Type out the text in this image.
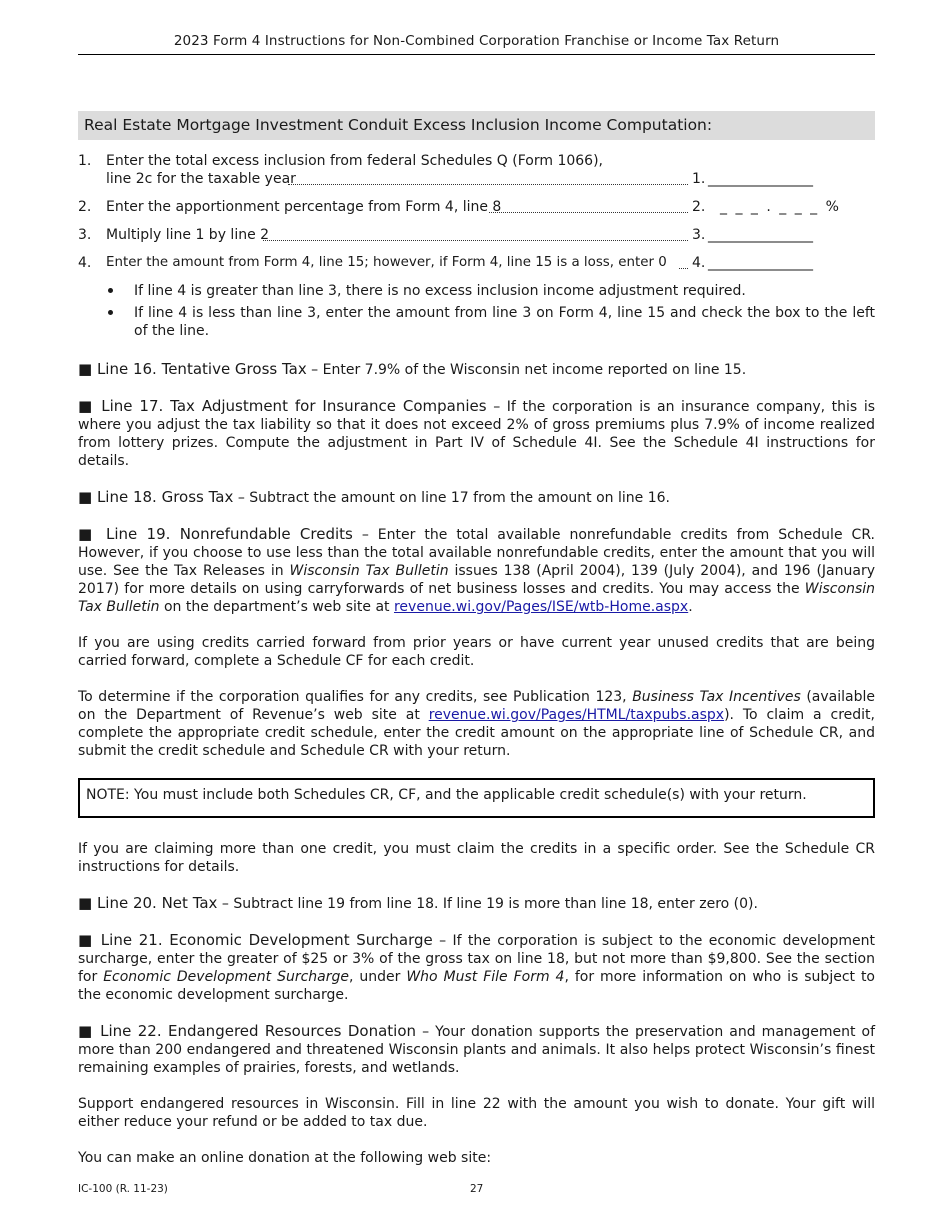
2023 Form 4 Instructions for Non-Combined Corporation Franchise or Income Tax Return
Real Estate Mortgage Investment Conduit Excess Inclusion Income Computation:
1. Enter the total excess inclusion from federal Schedules Q (Form 1066),
line 2c for the taxable year	1. _______________
2. Enter the apportionment percentage from Form 4, line 8	2. _ _ _ . _ _ _ %
3. Multiply line 1 by line 2	3. _______________
4. Enter the amount from Form 4, line 15; however, if Form 4, line 15 is a loss, enter 0 4. _______________
If line 4 is greater than line 3, there is no excess inclusion income adjustment required.
If line 4 is less than line 3, enter the amount from line 3 on Form 4, line 15 and check the box to the left of the line.

■ Line 16. Tentative Gross Tax – Enter 7.9% of the Wisconsin net income reported on line 15.

■ Line 17. Tax Adjustment for Insurance Companies – If the corporation is an insurance company, this is where you adjust the tax liability so that it does not exceed 2% of gross premiums plus 7.9% of income realized from lottery prizes. Compute the adjustment in Part IV of Schedule 4I. See the Schedule 4I instructions for details.

■ Line 18. Gross Tax – Subtract the amount on line 17 from the amount on line 16.

■ Line 19. Nonrefundable Credits – Enter the total available nonrefundable credits from Schedule CR. However, if you choose to use less than the total available nonrefundable credits, enter the amount that you will use. See the Tax Releases in Wisconsin Tax Bulletin issues 138 (April 2004), 139 (July 2004), and 196 (January 2017) for more details on using carryforwards of net business losses and credits. You may access the Wisconsin Tax Bulletin on the department’s web site at revenue.wi.gov/Pages/ISE/wtb-Home.aspx.

If you are using credits carried forward from prior years or have current year unused credits that are being carried forward, complete a Schedule CF for each credit.

To determine if the corporation qualifies for any credits, see Publication 123, Business Tax Incentives (available on the Department of Revenue’s web site at revenue.wi.gov/Pages/HTML/taxpubs.aspx). To claim a credit, complete the appropriate credit schedule, enter the credit amount on the appropriate line of Schedule CR, and submit the credit schedule and Schedule CR with your return.

NOTE: You must include both Schedules CR, CF, and the applicable credit schedule(s) with your return.

If you are claiming more than one credit, you must claim the credits in a specific order. See the Schedule CR instructions for details.

■ Line 20. Net Tax – Subtract line 19 from line 18. If line 19 is more than line 18, enter zero (0).

■ Line 21. Economic Development Surcharge – If the corporation is subject to the economic development surcharge, enter the greater of $25 or 3% of the gross tax on line 18, but not more than $9,800. See the section for Economic Development Surcharge, under Who Must File Form 4, for more information on who is subject to the economic development surcharge.

■ Line 22. Endangered Resources Donation – Your donation supports the preservation and management of more than 200 endangered and threatened Wisconsin plants and animals. It also helps protect Wisconsin’s finest remaining examples of prairies, forests, and wetlands.

Support endangered resources in Wisconsin. Fill in line 22 with the amount you wish to donate. Your gift will either reduce your refund or be added to tax due.

You can make an online donation at the following web site:

IC-100 (R. 11-23)	27
